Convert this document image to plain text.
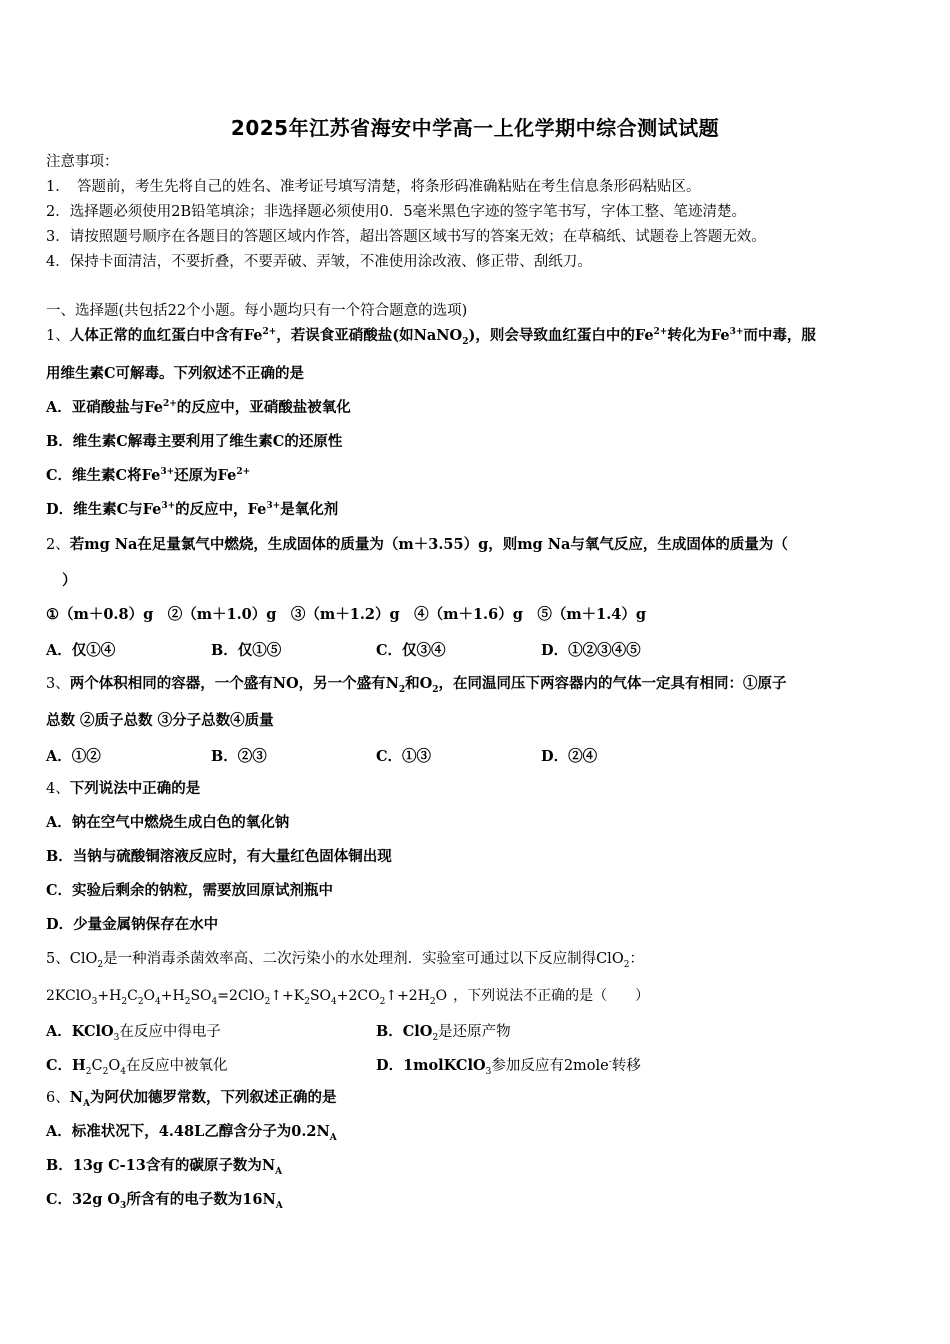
2025年江苏省海安中学高一上化学期中综合测试试题
注意事项：
1．　答题前，考生先将自己的姓名、准考证号填写清楚，将条形码准确粘贴在考生信息条形码粘贴区。
2．选择题必须使用2B铅笔填涂；非选择题必须使用0．5毫米黑色字迹的签字笔书写，字体工整、笔迹清楚。
3．请按照题号顺序在各题目的答题区域内作答，超出答题区域书写的答案无效；在草稿纸、试题卷上答题无效。
4．保持卡面清洁，不要折叠，不要弄破、弄皱，不准使用涂改液、修正带、刮纸刀。
一、选择题(共包括22个小题。每小题均只有一个符合题意的选项)
1、人体正常的血红蛋白中含有$Fe^{2+}$，若误食亚硝酸盐(如NaNO$_2$)，则会导致血红蛋白中的$Fe^{2+}$转化为$Fe^{3+}$而中毒，服
用维生素C可解毒。下列叙述不正确的是
A．亚硝酸盐与$Fe^{2+}$的反应中，亚硝酸盐被氧化
B．维生素C解毒主要利用了维生素C的还原性
C．维生素C将$Fe^{3+}$还原为$Fe^{2+}$
D．维生素C与$Fe^{3+}$的反应中，$Fe^{3+}$是氧化剂
2、若mg Na在足量氯气中燃烧，生成固体的质量为（m＋3.55）g，则mg Na与氧气反应，生成固体的质量为（
）
①（m＋0.8）g　②（m＋1.0）g　③（m＋1.2）g　④（m＋1.6）g　⑤（m＋1.4）g
A．仅①④	B．仅①⑤	C．仅③④	D．①②③④⑤
3、两个体积相同的容器，一个盛有NO，另一个盛有$N_2$和$O_2$，在同温同压下两容器内的气体一定具有相同：①原子
总数 ②质子总数 ③分子总数④质量
A．①②	B．②③	C．①③	D．②④
4、下列说法中正确的是
A．钠在空气中燃烧生成白色的氧化钠
B．当钠与硫酸铜溶液反应时，有大量红色固体铜出现
C．实验后剩余的钠粒，需要放回原试剂瓶中
D．少量金属钠保存在水中
5、ClO$_2$是一种消毒杀菌效率高、二次污染小的水处理剂．实验室可通过以下反应制得ClO$_2$：
$2KClO_3+H_2C_2O_4+H_2SO_4=2ClO_2↑+K_2SO_4+2CO_2↑+2H_2O$ ，下列说法不正确的是（　　）
A．KClO$_3$在反应中得电子	B．ClO$_2$是还原产物
C．$H_2C_2O_4$在反应中被氧化	D．1molKClO$_3$参加反应有2mole-转移
6、$N_A$为阿伏加德罗常数，下列叙述正确的是
A．标准状况下，4.48L乙醇含分子为$0.2N_A$
B．13g C-13含有的碳原子数为$N_A$
C．32g $O_3$所含有的电子数为$16N_A$
